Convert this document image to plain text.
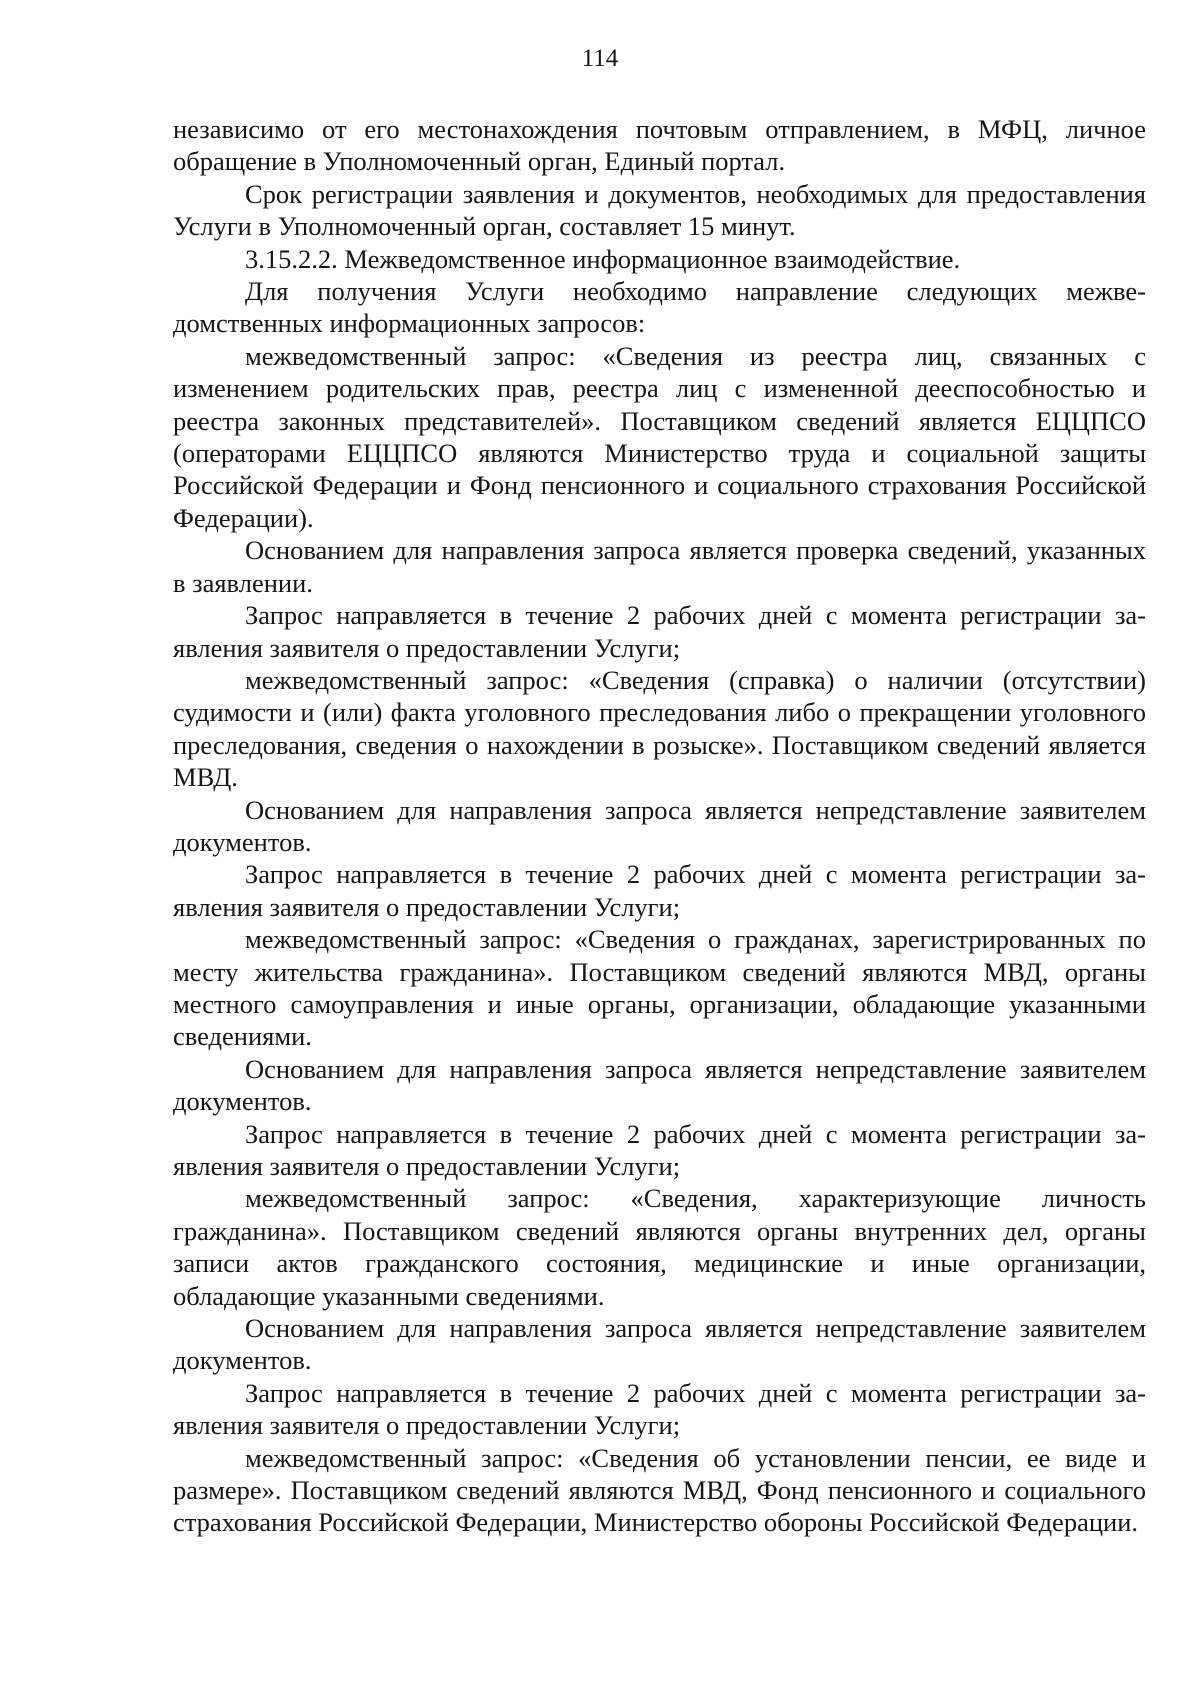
114

независимо от его местонахождения почтовым отправлением, в МФЦ, личное обращение в Уполномоченный орган, Единый портал.

Срок регистрации заявления и документов, необходимых для предоставления Услуги в Уполномоченный орган, составляет 15 минут.

3.15.2.2. Межведомственное информационное взаимодействие.

Для получения Услуги необходимо направление следующих межве-домственных информационных запросов:

межведомственный запрос: «Сведения из реестра лиц, связанных с изменением родительских прав, реестра лиц с измененной дееспособностью и реестра законных представителей». Поставщиком сведений является ЕЦЦПСО (операторами ЕЦЦПСО являются Министерство труда и социальной защиты Российской Федерации и Фонд пенсионного и социального страхования Российской Федерации).

Основанием для направления запроса является проверка сведений, указанных в заявлении.

Запрос направляется в течение 2 рабочих дней с момента регистрации за-явления заявителя о предоставлении Услуги;

межведомственный запрос: «Сведения (справка) о наличии (отсутствии) судимости и (или) факта уголовного преследования либо о прекращении уголовного преследования, сведения о нахождении в розыске». Поставщиком сведений является МВД.

Основанием для направления запроса является непредставление заявителем документов.

Запрос направляется в течение 2 рабочих дней с момента регистрации за-явления заявителя о предоставлении Услуги;

межведомственный запрос: «Сведения о гражданах, зарегистрированных по месту жительства гражданина». Поставщиком сведений являются МВД, органы местного самоуправления и иные органы, организации, обладающие указанными сведениями.

Основанием для направления запроса является непредставление заявителем документов.

Запрос направляется в течение 2 рабочих дней с момента регистрации за-явления заявителя о предоставлении Услуги;

межведомственный запрос: «Сведения, характеризующие личность гражданина». Поставщиком сведений являются органы внутренних дел, органы записи актов гражданского состояния, медицинские и иные организации, обладающие указанными сведениями.

Основанием для направления запроса является непредставление заявителем документов.

Запрос направляется в течение 2 рабочих дней с момента регистрации за-явления заявителя о предоставлении Услуги;

межведомственный запрос: «Сведения об установлении пенсии, ее виде и размере». Поставщиком сведений являются МВД, Фонд пенсионного и социального страхования Российской Федерации, Министерство обороны Российской Федерации.
